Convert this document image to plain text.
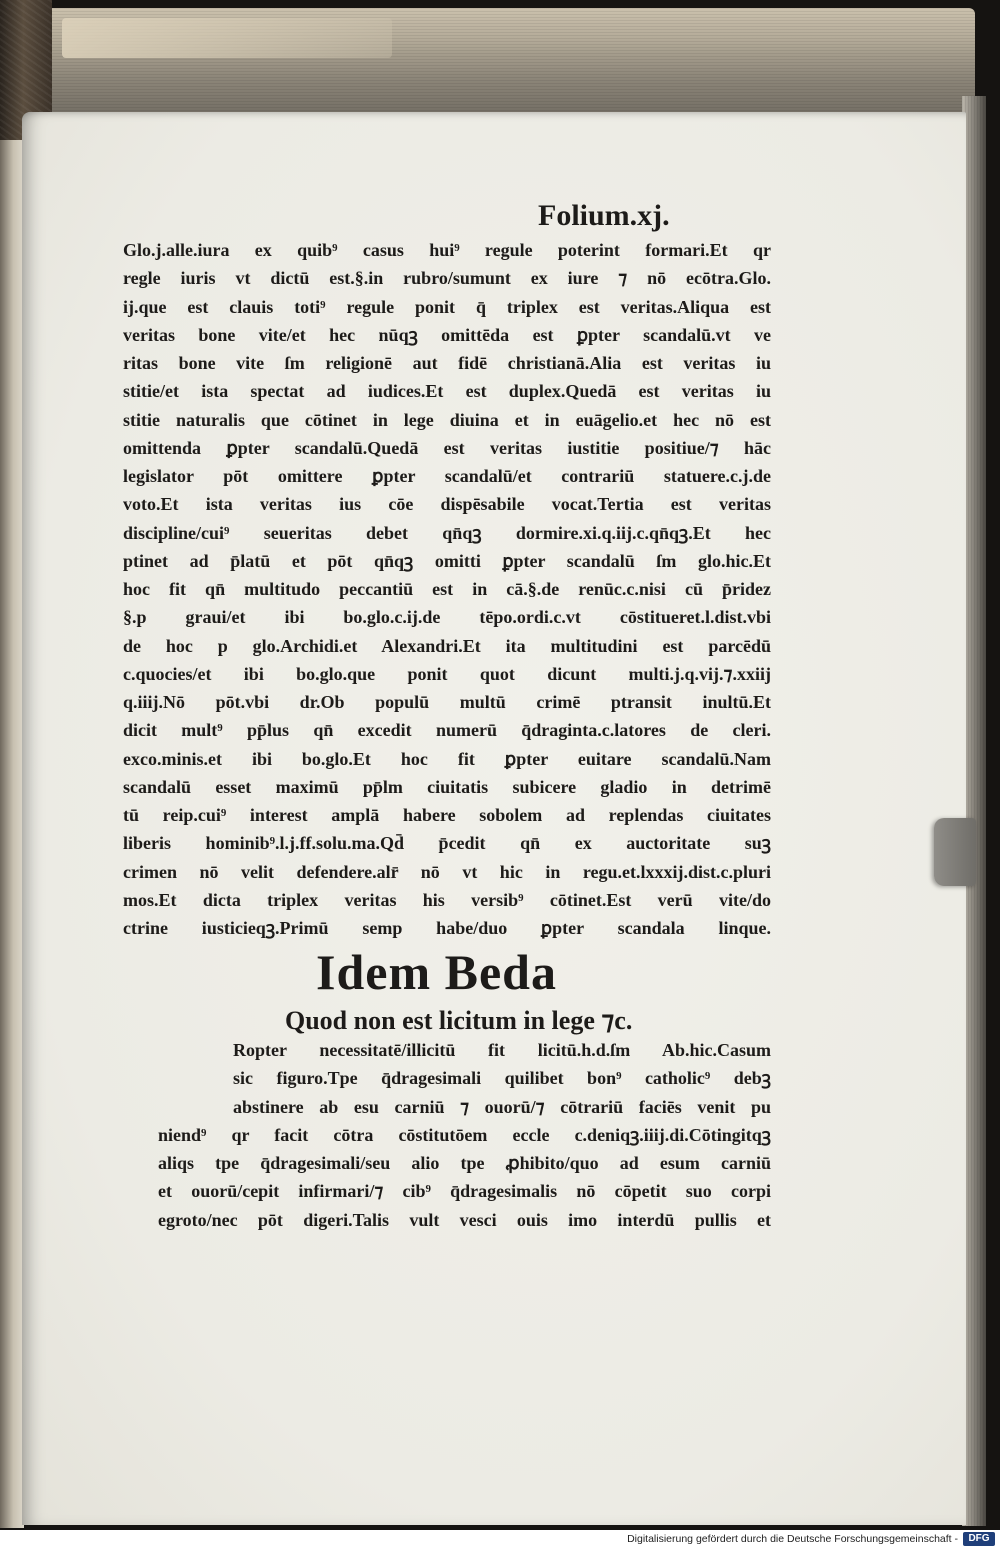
Folium.xj.
Glo.j.alle.iura ex quib⁹ casus hui⁹ regule poterint formari.Et qr
regle iuris vt dictū est.§.in rubro/sumunt ex iure ⁊ nō ecōtra.Glo.
ij.que est clauis toti⁹ regule ponit q̄ triplex est veritas.Aliqua est
veritas bone vite/et hec nūqꝫ omittēda est ꝑpter scandalū.vt ve
ritas bone vite ſm religionē aut fidē christianā.Alia est veritas iu
stitie/et ista spectat ad iudices.Et est duplex.Quedā est veritas iu
stitie naturalis que cōtinet in lege diuina et in euāgelio.et hec nō est
omittenda ꝑpter scandalū.Quedā est veritas iustitie positiue/⁊ hāc
legislator pōt omittere ꝑpter scandalū/et contrariū statuere.c.j.de
voto.Et ista veritas ius cōe dispēsabile vocat.Tertia est veritas
discipline/cui⁹ seueritas debet qn̄qꝫ dormire.xi.q.iij.c.qn̄qꝫ.Et hec
ptinet ad p̄latū et pōt qn̄qꝫ omitti ꝑpter scandalū ſm glo.hic.Et
hoc fit qn̄ multitudo peccantiū est in cā.§.de renūc.c.nisi cū p̄ridez
§.p graui/et ibi bo.glo.c.ij.de tēpo.ordi.c.vt cōstitueret.l.dist.vbi
de hoc p glo.Archidi.et Alexandri.Et ita multitudini est parcēdū
c.quocies/et ibi bo.glo.que ponit quot dicunt multi.j.q.vij.⁊.xxiij
q.iiij.Nō pōt.vbi dr.Ob populū multū crimē ptransit inultū.Et
dicit mult⁹ pp̄lus qn̄ excedit numerū q̄draginta.c.latores de cleri.
exco.minis.et ibi bo.glo.Et hoc fit ꝑpter euitare scandalū.Nam
scandalū esset maximū pp̄lm ciuitatis subicere gladio in detrimē
tū reip.cui⁹ interest amplā habere sobolem ad replendas ciuitates
liberis hominib⁹.l.j.ff.solu.ma.Qd̄ p̄cedit qn̄ ex auctoritate suꝫ
crimen nō velit defendere.alr̄ nō vt hic in regu.et.lxxxij.dist.c.pluri
mos.Et dicta triplex veritas his versib⁹ cōtinet.Est verū vite/do
ctrine iusticieqꝫ.Primū semp habe/duo ꝑpter scandala linque.
Idem Beda
Quod non est licitum in lege ⁊c.
Ropter necessitatē/illicitū fit licitū.h.d.ſm Ab.hic.Casum
sic figuro.Tpe q̄dragesimali quilibet bon⁹ catholic⁹ debꝫ
abstinere ab esu carniū ⁊ ouorū/⁊ cōtrariū faciēs venit pu
niend⁹ qr facit cōtra cōstitutōem eccle c.deniqꝫ.iiij.di.Cōtingitqꝫ
aliqs tpe q̄dragesimali/seu alio tpe ꝓhibito/quo ad esum carniū
et ouorū/cepit infirmari/⁊ cib⁹ q̄dragesimalis nō cōpetit suo corpi
egroto/nec pōt digeri.Talis vult vesci ouis imo interdū pullis et
Digitalisierung gefördert durch die Deutsche Forschungsgemeinschaft -	DFG
